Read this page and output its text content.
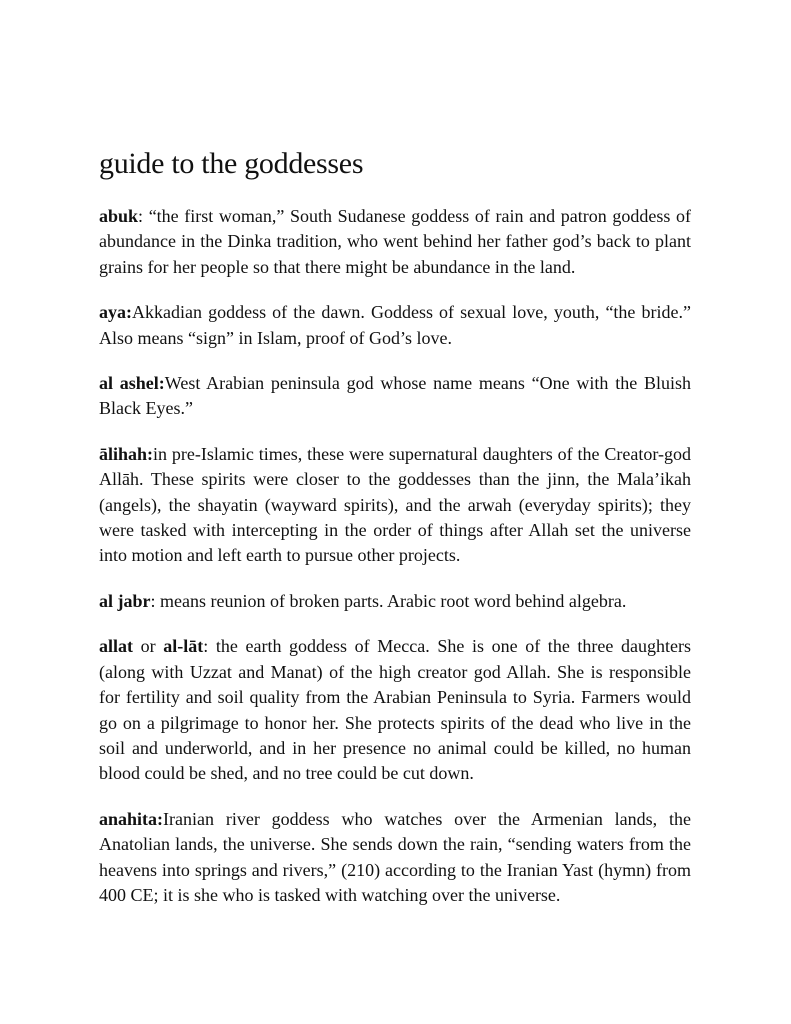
guide to the goddesses

abuk: “the first woman,” South Sudanese goddess of rain and patron goddess of abundance in the Dinka tradition, who went behind her father god’s back to plant grains for her people so that there might be abundance in the land.

aya:Akkadian goddess of the dawn. Goddess of sexual love, youth, “the bride.” Also means “sign” in Islam, proof of God’s love.

al ashel:West Arabian peninsula god whose name means “One with the Bluish Black Eyes.”

ālihah:in pre-Islamic times, these were supernatural daughters of the Creator-god Allāh. These spirits were closer to the goddesses than the jinn, the Mala’ikah (angels), the shayatin (wayward spirits), and the arwah (everyday spirits); they were tasked with intercepting in the order of things after Allah set the universe into motion and left earth to pursue other projects.

al jabr: means reunion of broken parts. Arabic root word behind algebra.

allat or al-lāt: the earth goddess of Mecca. She is one of the three daughters (along with Uzzat and Manat) of the high creator god Allah. She is responsible for fertility and soil quality from the Arabian Peninsula to Syria. Farmers would go on a pilgrimage to honor her. She protects spirits of the dead who live in the soil and underworld, and in her presence no animal could be killed, no human blood could be shed, and no tree could be cut down.

anahita:Iranian river goddess who watches over the Armenian lands, the Anatolian lands, the universe. She sends down the rain, “sending waters from the heavens into springs and rivers,” (210) according to the Iranian Yast (hymn) from 400 CE; it is she who is tasked with watching over the universe.
